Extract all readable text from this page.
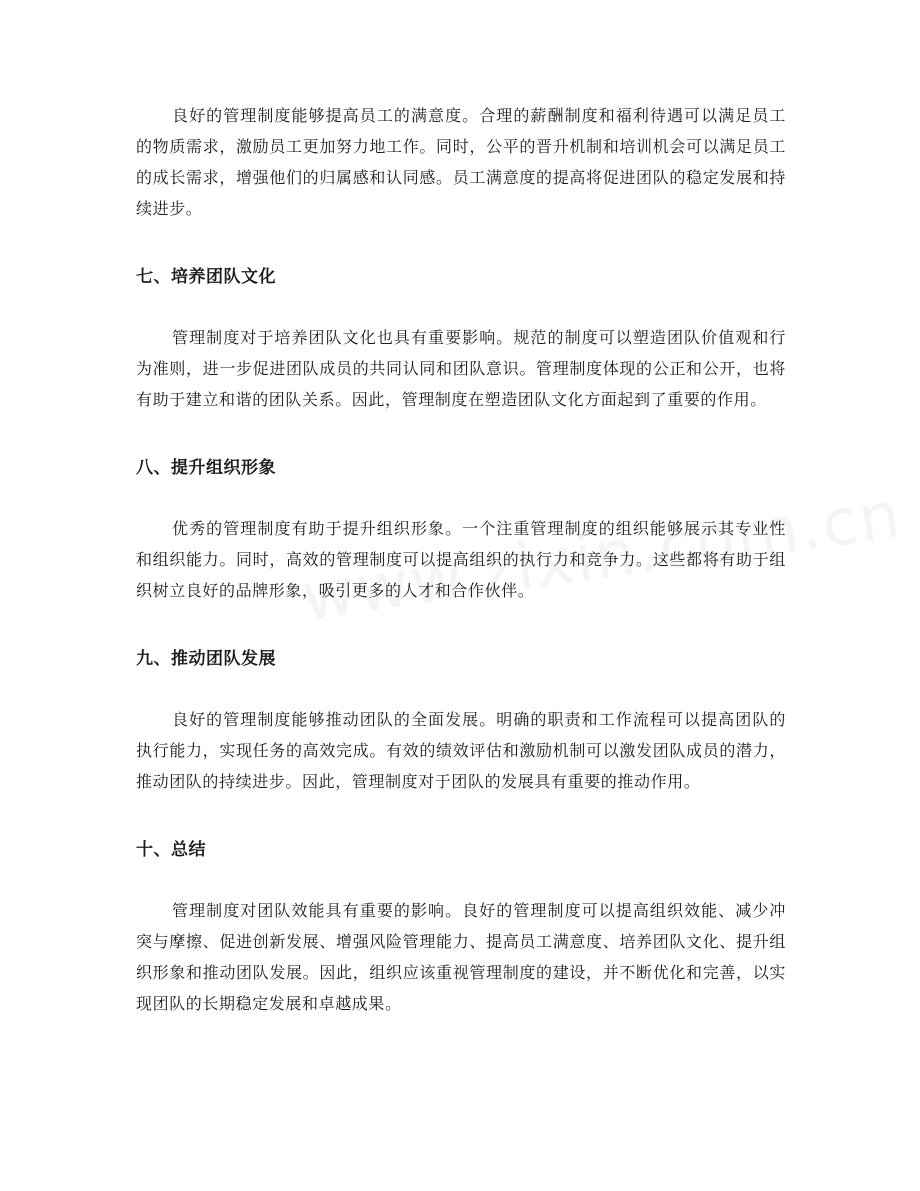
良好的管理制度能够提高员工的满意度。合理的薪酬制度和福利待遇可以满足员工的物质需求，激励员工更加努力地工作。同时，公平的晋升机制和培训机会可以满足员工的成长需求，增强他们的归属感和认同感。员工满意度的提高将促进团队的稳定发展和持续进步。

七、培养团队文化

管理制度对于培养团队文化也具有重要影响。规范的制度可以塑造团队价值观和行为准则，进一步促进团队成员的共同认同和团队意识。管理制度体现的公正和公开，也将有助于建立和谐的团队关系。因此，管理制度在塑造团队文化方面起到了重要的作用。

八、提升组织形象

优秀的管理制度有助于提升组织形象。一个注重管理制度的组织能够展示其专业性和组织能力。同时，高效的管理制度可以提高组织的执行力和竞争力。这些都将有助于组织树立良好的品牌形象，吸引更多的人才和合作伙伴。

九、推动团队发展

良好的管理制度能够推动团队的全面发展。明确的职责和工作流程可以提高团队的执行能力，实现任务的高效完成。有效的绩效评估和激励机制可以激发团队成员的潜力，推动团队的持续进步。因此，管理制度对于团队的发展具有重要的推动作用。

十、总结

管理制度对团队效能具有重要的影响。良好的管理制度可以提高组织效能、减少冲突与摩擦、促进创新发展、增强风险管理能力、提高员工满意度、培养团队文化、提升组织形象和推动团队发展。因此，组织应该重视管理制度的建设，并不断优化和完善，以实现团队的长期稳定发展和卓越成果。
